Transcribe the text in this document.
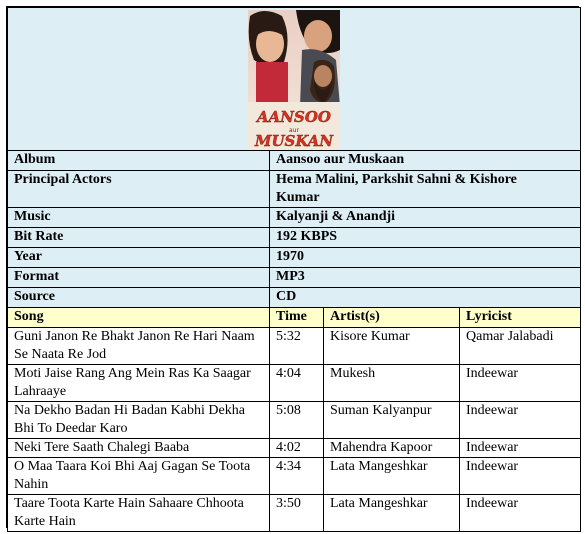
AANSOO
aur
MUSKAN			

Album	Aansoo aur Muskaan		
Principal Actors	Hema Malini, Parkshit Sahni & Kishore Kumar		
Music	Kalyanji & Anandji		
Bit Rate	192 KBPS		
Year	1970		
Format	MP3		
Source	CD		
Song	Time	Artist(s)	Lyricist
Guni Janon Re Bhakt Janon Re Hari Naam Se Naata Re Jod	5:32	Kisore Kumar	Qamar Jalabadi
Moti Jaise Rang Ang Mein Ras Ka Saagar Lahraaye	4:04	Mukesh	Indeewar
Na Dekho Badan Hi Badan Kabhi Dekha Bhi To Deedar Karo	5:08	Suman Kalyanpur	Indeewar
Neki Tere Saath Chalegi Baaba	4:02	Mahendra Kapoor	Indeewar
O Maa Taara Koi Bhi Aaj Gagan Se Toota Nahin	4:34	Lata Mangeshkar	Indeewar
Taare Toota Karte Hain Sahaare Chhoota Karte Hain	3:50	Lata Mangeshkar	Indeewar
